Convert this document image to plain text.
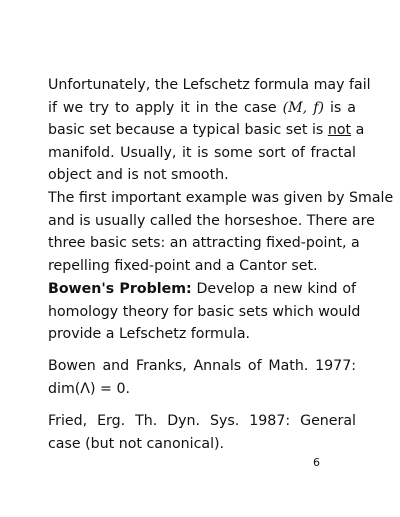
Unfortunately, the Lefschetz formula may fail
if we try to apply it in the case (M, f) is a
basic set because a typical basic set is not a
manifold. Usually, it is some sort of fractal
object and is not smooth.

The first important example was given by Smale
and is usually called the horseshoe. There are
three basic sets: an attracting fixed-point, a
repelling fixed-point and a Cantor set.

Bowen's Problem: Develop a new kind of
homology theory for basic sets which would
provide a Lefschetz formula.

Bowen and Franks, Annals of Math. 1977:
dim(Λ) = 0.

Fried, Erg. Th. Dyn. Sys. 1987: General
case (but not canonical).

6
